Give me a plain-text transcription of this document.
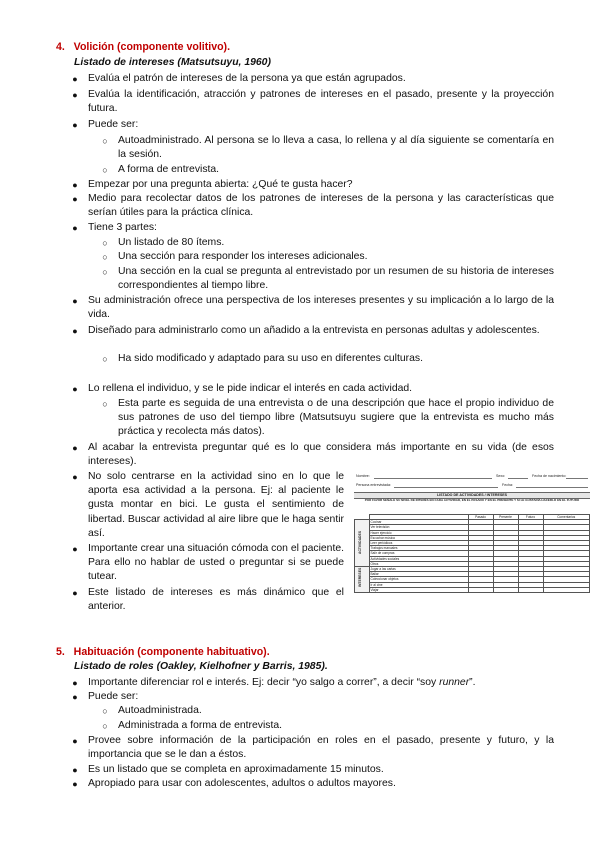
4.   Volición (componente volitivo).
Listado de intereses (Matsutsuyu, 1960)
● Evalúa el patrón de intereses de la persona ya que están agrupados.
● Evalúa la identificación, atracción y patrones de intereses en el pasado, presente y la proyección futura.
● Puede ser:
○ Autoadministrado. Al persona se lo lleva a casa, lo rellena y al día siguiente se comentaría en la sesión.
○ A forma de entrevista.
● Empezar por una pregunta abierta: ¿Qué te gusta hacer?
● Medio para recolectar datos de los patrones de intereses de la persona y las características que serían útiles para la práctica clínica.
● Tiene 3 partes:
○ Un listado de 80 ítems.
○ Una sección para responder los intereses adicionales.
○ Una sección en la cual se pregunta al entrevistado por un resumen de su historia de intereses correspondientes al tiempo libre.
● Su administración ofrece una perspectiva de los intereses presentes y su implicación a lo largo de la vida.
● Diseñado para administrarlo como un añadido a la entrevista en personas adultas y adolescentes.
○ Ha sido modificado y adaptado para su uso en diferentes culturas.
● Lo rellena el individuo, y se le pide indicar el interés en cada actividad.
○ Esta parte es seguida de una entrevista o de una descripción que hace el propio individuo de sus patrones de uso del tiempo libre (Matsutsuyu sugiere que la entrevista es mucho más práctica y recolecta más datos).
● Al acabar la entrevista preguntar qué es lo que considera más importante en su vida (de esos intereses).
● No solo centrarse en la actividad sino en lo que le aporta esa actividad a la persona. Ej: al paciente le gusta montar en bici. Le gusta el sentimiento de libertad. Buscar actividad al aire libre que le haga sentir así.
● Importante crear una situación cómoda con el paciente. Para ello no hablar de usted o preguntar si se puede tutear.
● Este listado de intereses es más dinámico que el anterior.
Nombre:	Sexo:	Fecha de nacimiento:
Persona entrevistada:	Fecha:
LISTADO DE ACTIVIDADES / INTERESES
POR FAVOR SEÑALE SU NIVEL DE INTERÉS EN CADA ACTIVIDAD, EN EL PASADO Y EN EL PRESENTE Y SI LE GUSTARÍA HACERLO EN EL FUTURO
		Pasado	Presente	Futuro	Comentarios

ACTIVIDADES	Cocinar				
	Ver televisión				
	Hacer ejercicio				
	Escuchar música				
	Leer periódicos				
	Trabajos manuales				
	Salir de compras				
	Actividades sociales				
	Otros				

INTERESES	Jugar a las cartas				
	Bailar				
	Coleccionar objetos				
	Ir al cine				
	Viajar				
5.   Habituación (componente habituativo).
Listado de roles (Oakley, Kielhofner y Barris, 1985).
● Importante diferenciar rol e interés. Ej: decir “yo salgo a correr”, a decir “soy runner”.
● Puede ser:
○ Autoadministrada.
○ Administrada a forma de entrevista.
● Provee sobre información de la participación en roles en el pasado, presente y futuro, y la importancia que se le dan a éstos.
● Es un listado que se completa en aproximadamente 15 minutos.
● Apropiado para usar con adolescentes, adultos o adultos mayores.
